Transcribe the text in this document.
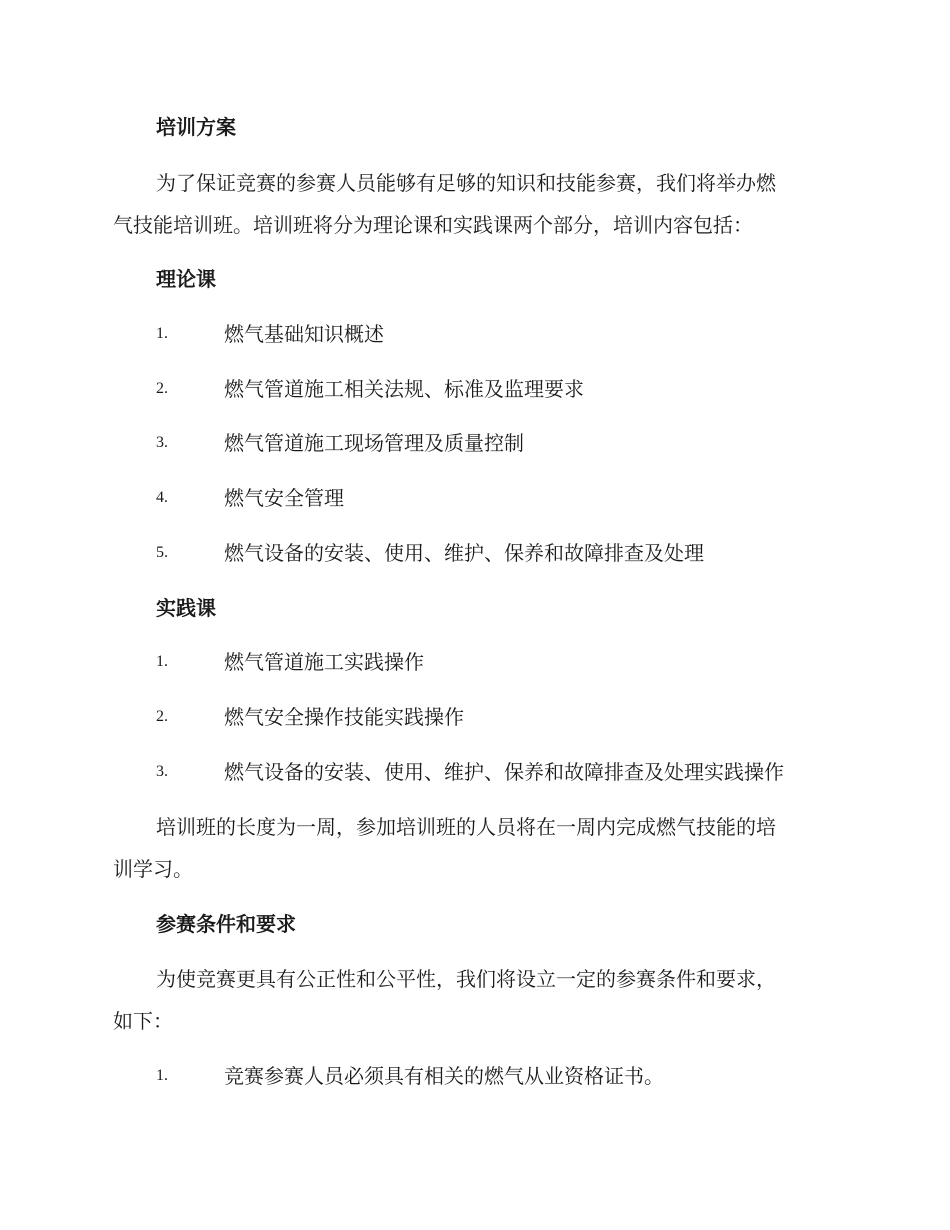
培训方案
为了保证竞赛的参赛人员能够有足够的知识和技能参赛，我们将举办燃
气技能培训班。培训班将分为理论课和实践课两个部分，培训内容包括：
理论课
1.	燃气基础知识概述
2.	燃气管道施工相关法规、标准及监理要求
3.	燃气管道施工现场管理及质量控制
4.	燃气安全管理
5.	燃气设备的安装、使用、维护、保养和故障排查及处理
实践课
1.	燃气管道施工实践操作
2.	燃气安全操作技能实践操作
3.	燃气设备的安装、使用、维护、保养和故障排查及处理实践操作
培训班的长度为一周，参加培训班的人员将在一周内完成燃气技能的培
训学习。
参赛条件和要求
为使竞赛更具有公正性和公平性，我们将设立一定的参赛条件和要求，
如下：
1.	竞赛参赛人员必须具有相关的燃气从业资格证书。
